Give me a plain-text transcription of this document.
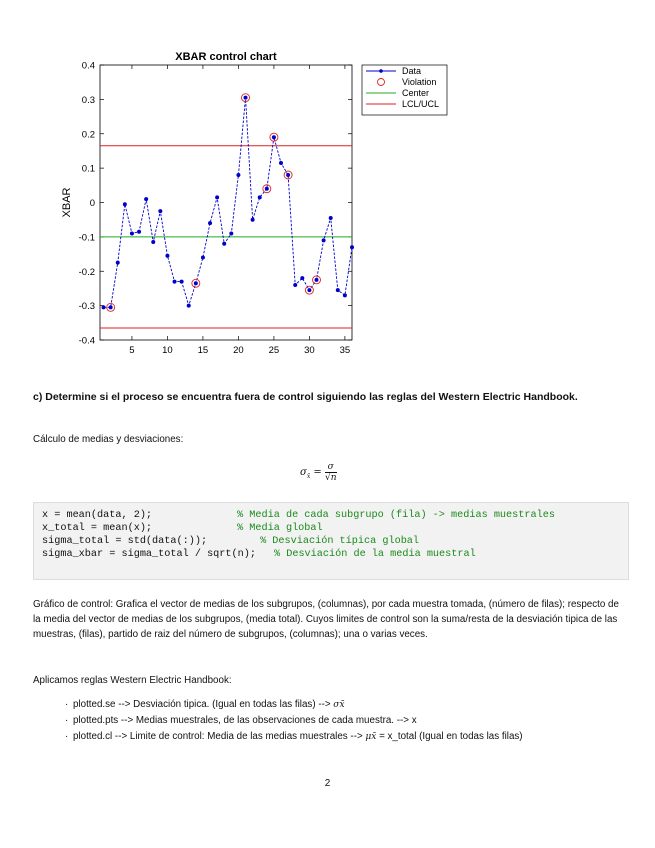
XBAR control chart
XBAR
-0.4
-0.3
-0.2
-0.1
0
0.1
0.2
0.3
0.4
5	10	15	20	25	30	35
Data
Violation
Center
LCL/UCL
c) Determine si el proceso se encuentra fuera de control siguiendo las reglas del Western Electric Handbook.
Cálculo de medias y desviaciones:
$\sigma_{x̄} = \frac{\sigma}{√n}$
x = mean(data, 2);	% Media de cada subgrupo (fila) -> medias muestrales
x_total = mean(x);	% Media global
sigma_total = std(data(:));	% Desviación típica global
sigma_xbar = sigma_total / sqrt(n); % Desviación de la media muestral
Gráfico de control: Grafica el vector de medias de los subgrupos, (columnas), por cada muestra tomada, (número de filas); respecto de la media del vector de medias de los subgrupos, (media total). Cuyos limites de control son la suma/resta de la desviación tipica de las muestras, (filas), partido de raiz del número de subgrupos, (columnas); una o varias veces.
Aplicamos reglas Western Electric Handbook:
· plotted.se --> Desviación tipica. (Igual en todas las filas) --> σx̄
· plotted.pts --> Medias muestrales, de las observaciones de cada muestra. --> x
· plotted.cl --> Limite de control: Media de las medias muestrales --> μx̄ = x_total (Igual en todas las filas)
2
